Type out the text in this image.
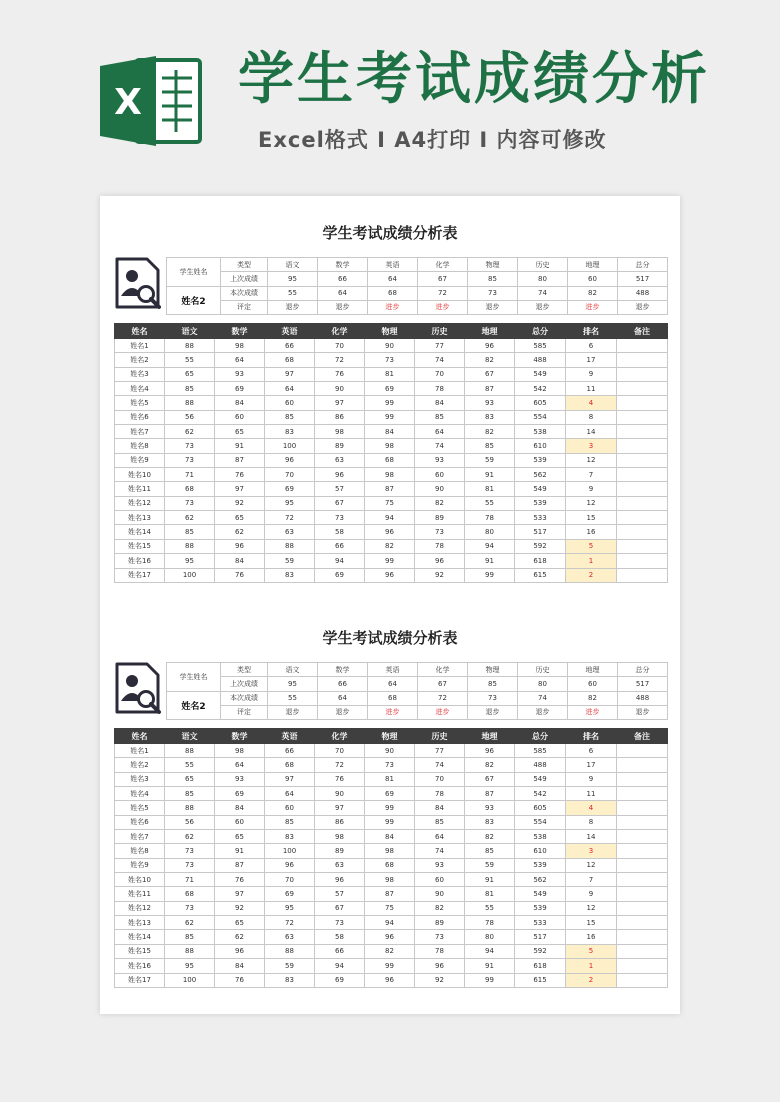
X 学生考试成绩分析
Excel格式 I A4打印 I 内容可修改
学生考试成绩分析表
学生姓名	类型	语文	数学	英语	化学	物理	历史	地理	总分
	上次成绩	95	66	64	67	85	80	60	517
姓名2	本次成绩	55	64	68	72	73	74	82	488
	评定	退步	退步	进步	进步	退步	退步	进步	退步
姓名	语文	数学	英语	化学	物理	历史	地理	总分	排名	备注
姓名1	88	98	66	70	90	77	96	585	6	
姓名2	55	64	68	72	73	74	82	488	17	
姓名3	65	93	97	76	81	70	67	549	9	
姓名4	85	69	64	90	69	78	87	542	11	
姓名5	88	84	60	97	99	84	93	605	4	
姓名6	56	60	85	86	99	85	83	554	8	
姓名7	62	65	83	98	84	64	82	538	14	
姓名8	73	91	100	89	98	74	85	610	3	
姓名9	73	87	96	63	68	93	59	539	12	
姓名10	71	76	70	96	98	60	91	562	7	
姓名11	68	97	69	57	87	90	81	549	9	
姓名12	73	92	95	67	75	82	55	539	12	
姓名13	62	65	72	73	94	89	78	533	15	
姓名14	85	62	63	58	96	73	80	517	16	
姓名15	88	96	88	66	82	78	94	592	5	
姓名16	95	84	59	94	99	96	91	618	1	
姓名17	100	76	83	69	96	92	99	615	2	
学生考试成绩分析表
学生姓名	类型	语文	数学	英语	化学	物理	历史	地理	总分
	上次成绩	95	66	64	67	85	80	60	517
姓名2	本次成绩	55	64	68	72	73	74	82	488
	评定	退步	退步	进步	进步	退步	退步	进步	退步
姓名	语文	数学	英语	化学	物理	历史	地理	总分	排名	备注
姓名1	88	98	66	70	90	77	96	585	6	
姓名2	55	64	68	72	73	74	82	488	17	
姓名3	65	93	97	76	81	70	67	549	9	
姓名4	85	69	64	90	69	78	87	542	11	
姓名5	88	84	60	97	99	84	93	605	4	
姓名6	56	60	85	86	99	85	83	554	8	
姓名7	62	65	83	98	84	64	82	538	14	
姓名8	73	91	100	89	98	74	85	610	3	
姓名9	73	87	96	63	68	93	59	539	12	
姓名10	71	76	70	96	98	60	91	562	7	
姓名11	68	97	69	57	87	90	81	549	9	
姓名12	73	92	95	67	75	82	55	539	12	
姓名13	62	65	72	73	94	89	78	533	15	
姓名14	85	62	63	58	96	73	80	517	16	
姓名15	88	96	88	66	82	78	94	592	5	
姓名16	95	84	59	94	99	96	91	618	1	
姓名17	100	76	83	69	96	92	99	615	2	
